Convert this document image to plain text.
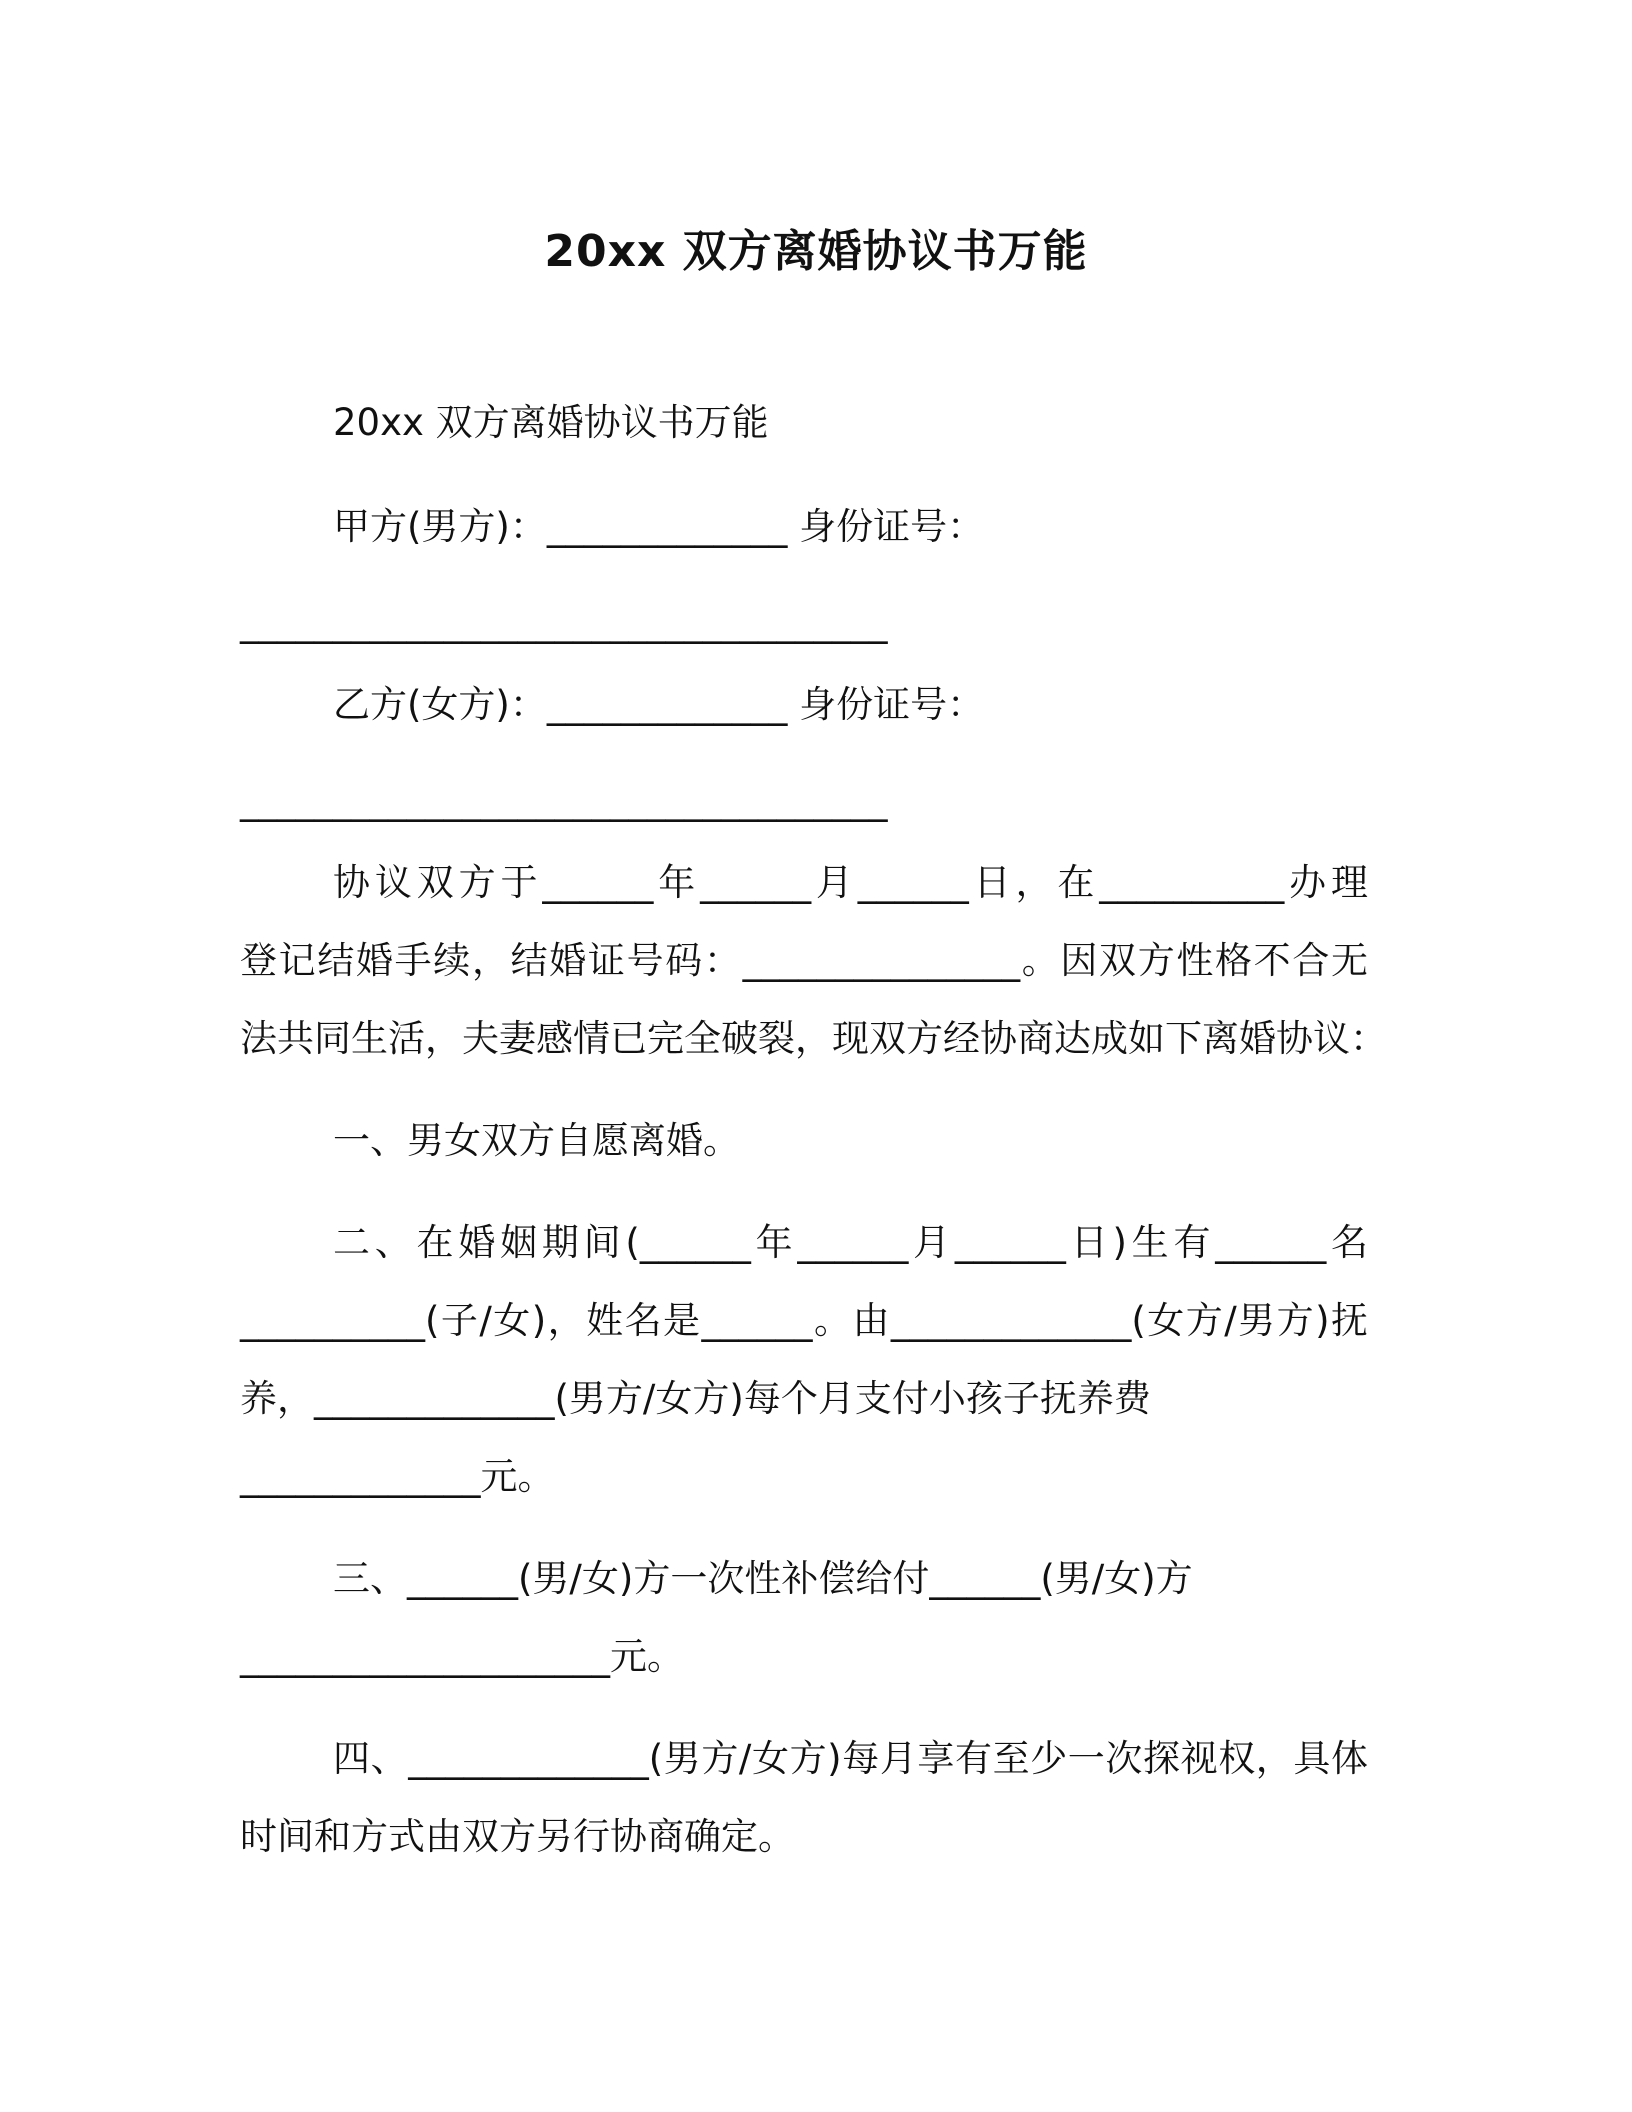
20xx 双方离婚协议书万能
20xx 双方离婚协议书万能
甲方(男方)：_____________ 身份证号：
___________________________________
乙方(女方)：_____________ 身份证号：
___________________________________
协议双方于______年______月______日，在__________办理
登记结婚手续，结婚证号码：_______________。因双方性格不合无
法共同生活，夫妻感情已完全破裂，现双方经协商达成如下离婚协议：
一、男女双方自愿离婚。
二、在婚姻期间(______年______月______日)生有______名
__________(子/女)，姓名是______。由_____________(女方/男方)抚
养，_____________(男方/女方)每个月支付小孩子抚养费
_____________元。
三、______(男/女)方一次性补偿给付______(男/女)方
____________________元。
四、_____________(男方/女方)每月享有至少一次探视权，具体
时间和方式由双方另行协商确定。
